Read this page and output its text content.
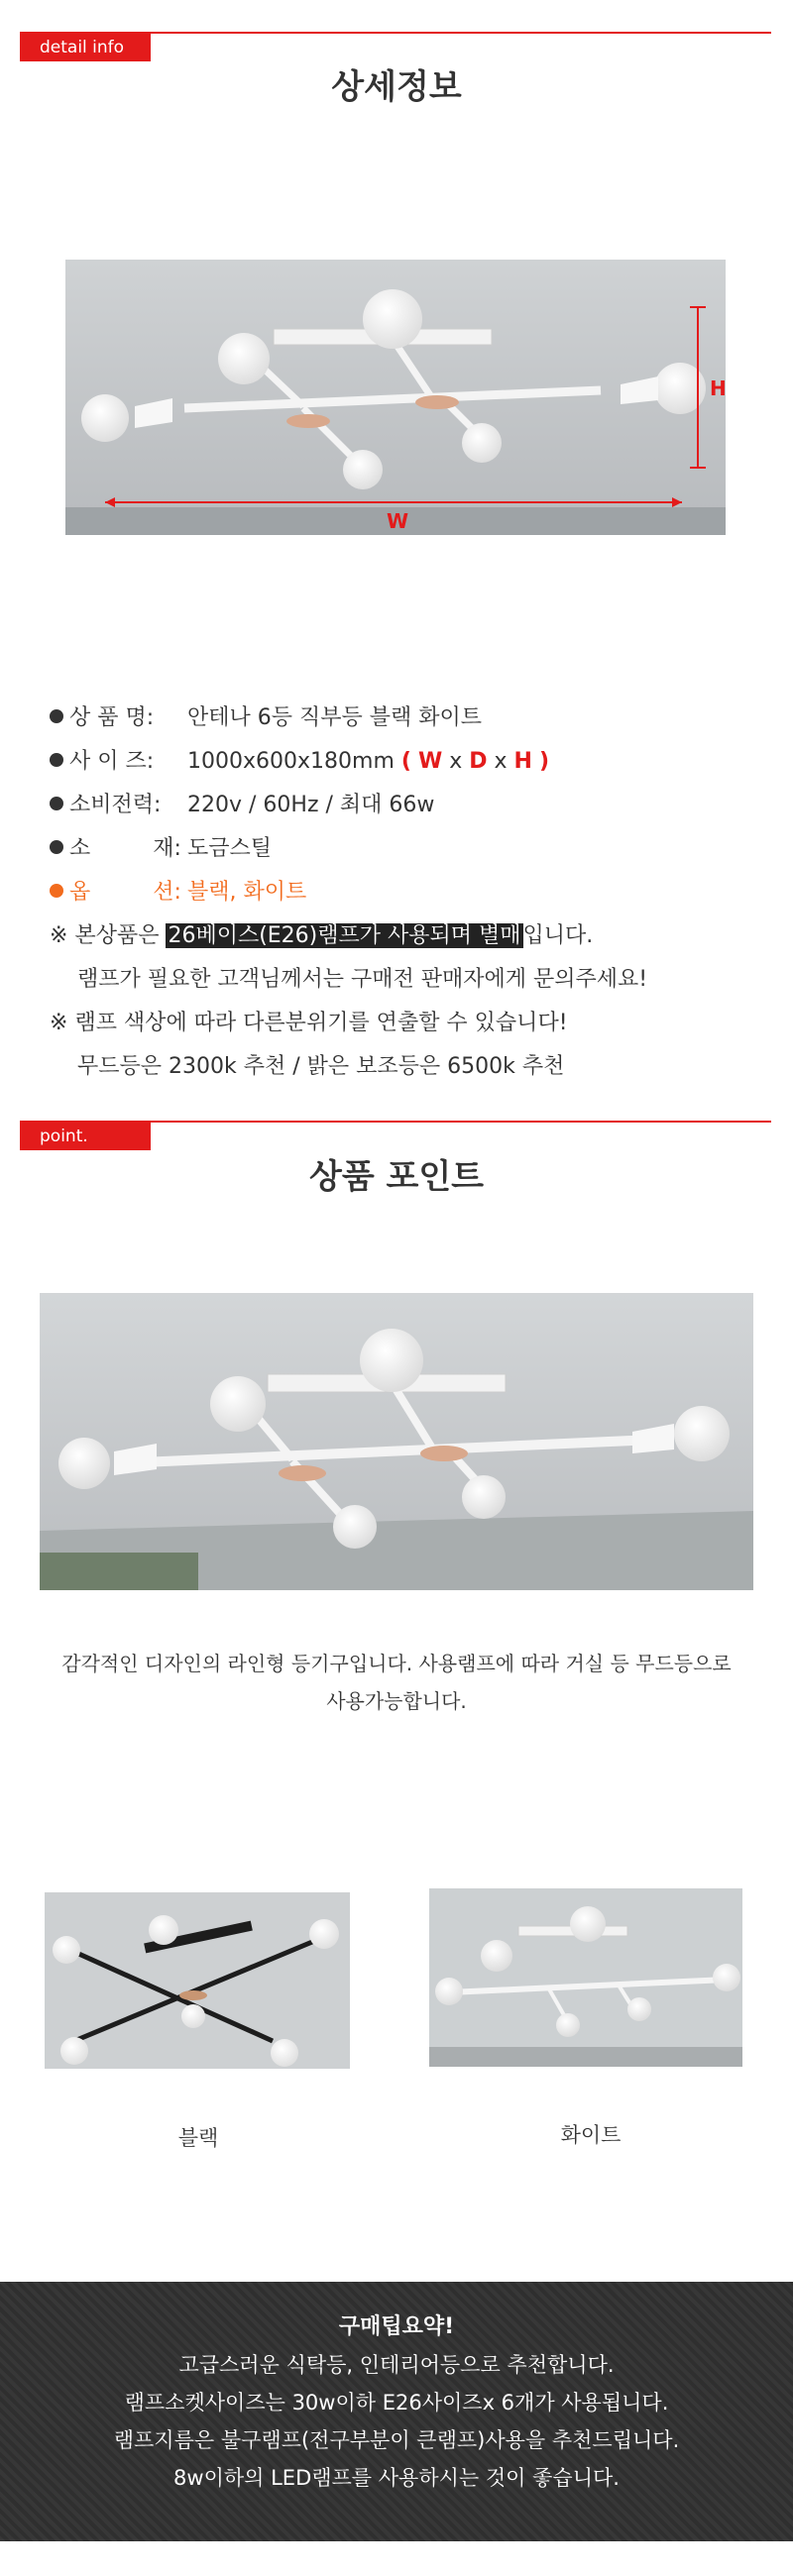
detail info
상세정보
H
W
상 품 명: 안테나 6등 직부등 블랙 화이트
사 이 즈: 1000x600x180mm ( W x D x H )
소비전력: 220v / 60Hz / 최대 66w
소         재: 도금스틸
옵         션: 블랙, 화이트
※ 본상품은 26베이스(E26)램프가 사용되며 별매입니다.
램프가 필요한 고객님께서는 구매전 판매자에게 문의주세요!
※ 램프 색상에 따라 다른분위기를 연출할 수 있습니다!
무드등은 2300k 추천 / 밝은 보조등은 6500k 추천
point.
상품 포인트
감각적인 디자인의 라인형 등기구입니다. 사용램프에 따라 거실 등 무드등으로
사용가능합니다.
블랙	화이트
구매팁요약!
고급스러운 식탁등, 인테리어등으로 추천합니다.
램프소켓사이즈는 30w이하 E26사이즈x 6개가 사용됩니다.
램프지름은 불구램프(전구부분이 큰램프)사용을 추천드립니다.
8w이하의 LED램프를 사용하시는 것이 좋습니다.
